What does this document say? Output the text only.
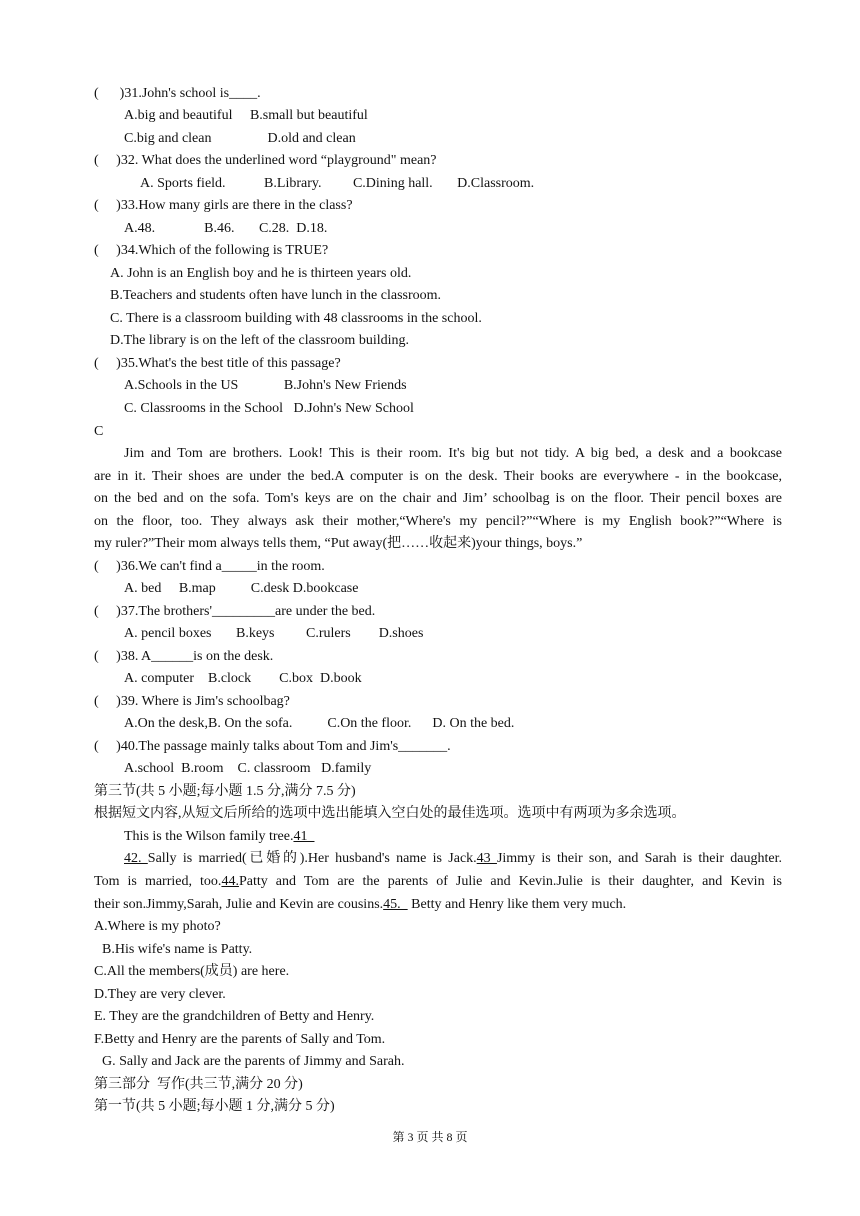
(      )31.John's school is____.
A.big and beautiful     B.small but beautiful
C.big and clean                D.old and clean
(     )32. What does the underlined word “playground" mean?
A. Sports field.           B.Library.         C.Dining hall.       D.Classroom.
(     )33.How many girls are there in the class?
A.48.              B.46.       C.28.  D.18.
(     )34.Which of the following is TRUE?
A. John is an English boy and he is thirteen years old.
B.Teachers and students often have lunch in the classroom.
C. There is a classroom building with 48 classrooms in the school.
D.The library is on the left of the classroom building.
(     )35.What's the best title of this passage?
A.Schools in the US             B.John's New Friends
C. Classrooms in the School   D.John's New School
C
Jim and Tom are brothers. Look! This is their room. It's big but not tidy. A big bed, a desk and a bookcase
are in it. Their shoes are under the bed.A computer is on the desk. Their books are everywhere - in the bookcase,
on the bed and on the sofa. Tom's keys are on the chair and Jim’ schoolbag is on the floor. Their pencil boxes are
on the floor, too. They always ask their mother,“Where's my pencil?”“Where is my English book?”“Where is
my ruler?”Their mom always tells them, “Put away(把……收起来)your things, boys.”
(     )36.We can't find a_____in the room.
A. bed     B.map          C.desk D.bookcase
(     )37.The brothers'_________are under the bed.
A. pencil boxes       B.keys         C.rulers        D.shoes
(     )38. A______is on the desk.
A. computer    B.clock        C.box  D.book
(     )39. Where is Jim's schoolbag?
A.On the desk,B. On the sofa.          C.On the floor.      D. On the bed.
(     )40.The passage mainly talks about Tom and Jim's_______.
A.school  B.room    C. classroom   D.family
第三节(共 5 小题;每小题 1.5 分,满分 7.5 分)
根据短文内容,从短文后所给的选项中选出能填入空白处的最佳选项。选项中有两项为多余选项。
This is the Wilson family tree.41
42. Sally is married(已婚的).Her husband's name is Jack.43 Jimmy is their son, and Sarah is their daughter.
Tom is married, too.44.Patty and Tom are the parents of Julie and Kevin.Julie is their daughter, and Kevin is
their son.Jimmy,Sarah, Julie and Kevin are cousins.45.   Betty and Henry like them very much.
A.Where is my photo?
B.His wife's name is Patty.
C.All the members(成员) are here.
D.They are very clever.
E. They are the grandchildren of Betty and Henry.
F.Betty and Henry are the parents of Sally and Tom.
G. Sally and Jack are the parents of Jimmy and Sarah.
第三部分  写作(共三节,满分 20 分)
第一节(共 5 小题;每小题 1 分,满分 5 分)
第 3 页 共 8 页
